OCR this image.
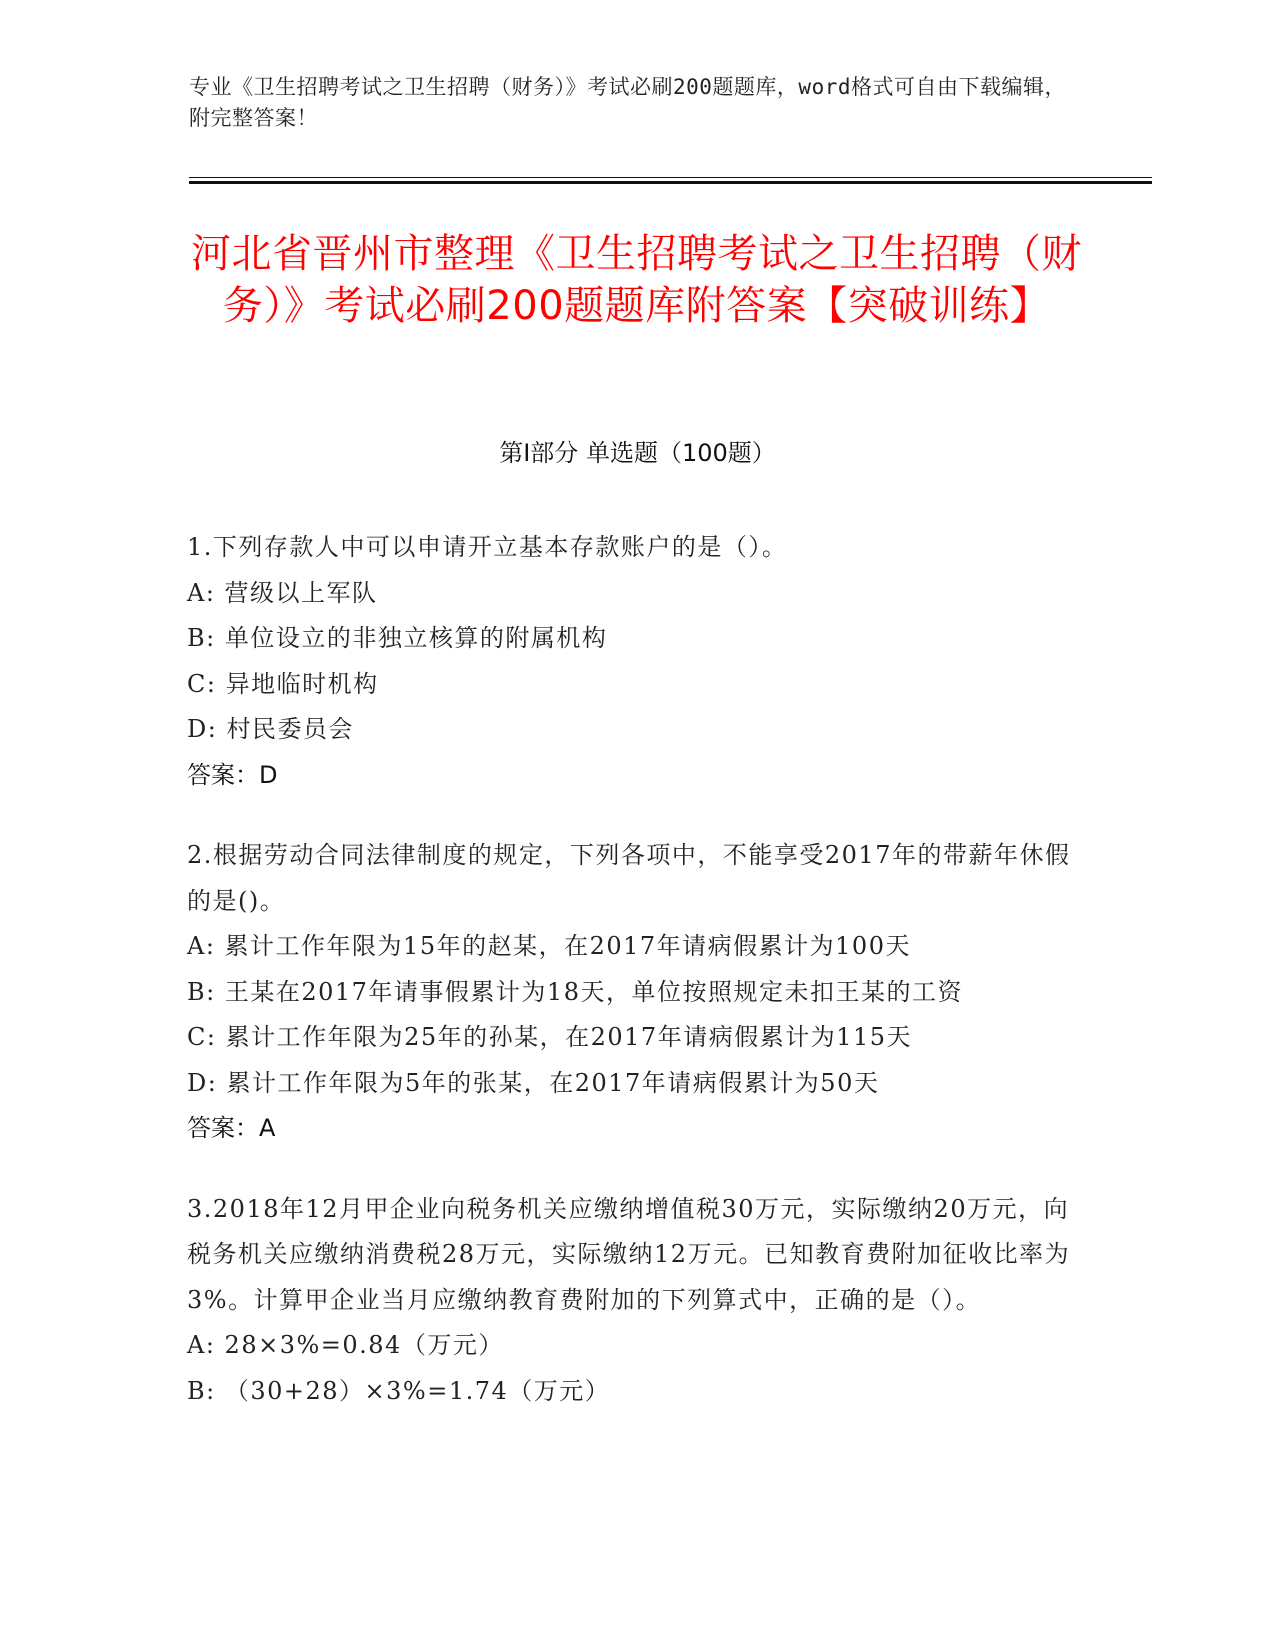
专业《卫生招聘考试之卫生招聘（财务）》考试必刷200题题库，word格式可自由下载编辑，附完整答案！
河北省晋州市整理《卫生招聘考试之卫生招聘（财务）》考试必刷200题题库附答案【突破训练】
第I部分 单选题（100题）
1.下列存款人中可以申请开立基本存款账户的是（）。
A: 营级以上军队
B: 单位设立的非独立核算的附属机构
C: 异地临时机构
D: 村民委员会
答案：D
2.根据劳动合同法律制度的规定，下列各项中，不能享受2017年的带薪年休假的是()。
A: 累计工作年限为15年的赵某，在2017年请病假累计为100天
B: 王某在2017年请事假累计为18天，单位按照规定未扣王某的工资
C: 累计工作年限为25年的孙某，在2017年请病假累计为115天
D: 累计工作年限为5年的张某，在2017年请病假累计为50天
答案：A
3.2018年12月甲企业向税务机关应缴纳增值税30万元，实际缴纳20万元，向税务机关应缴纳消费税28万元，实际缴纳12万元。已知教育费附加征收比率为3%。计算甲企业当月应缴纳教育费附加的下列算式中，正确的是（）。
A: 28×3%=0.84（万元）
B: （30+28）×3%=1.74（万元）
